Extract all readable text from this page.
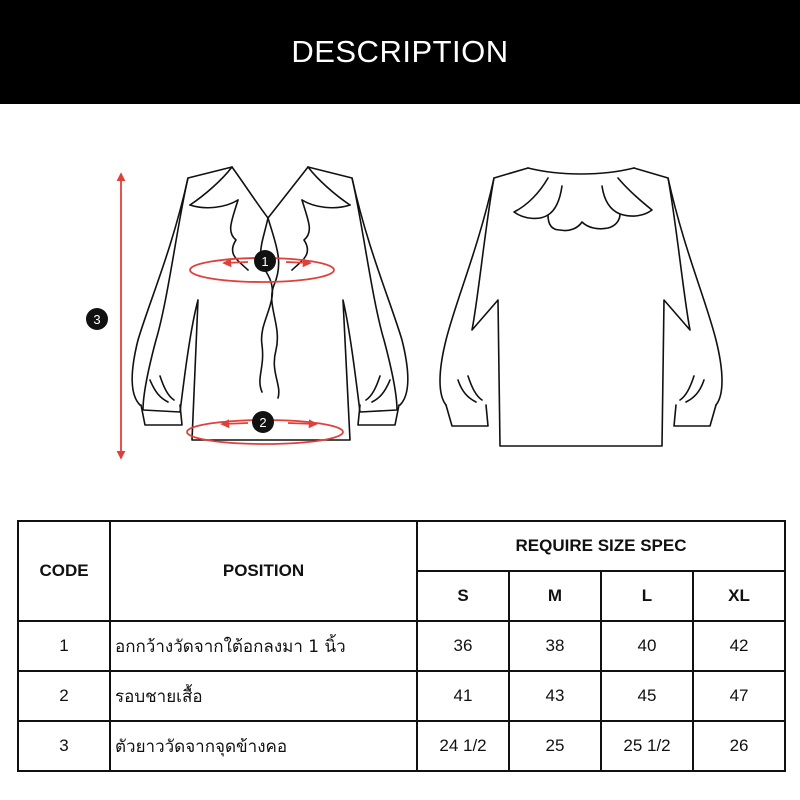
DESCRIPTION
1
2
3
CODE	POSITION	REQUIRE SIZE SPEC			
		S	M	L	XL
1	อกกว้างวัดจากใต้อกลงมา 1 นิ้ว	36	38	40	42
2	รอบชายเสื้อ	41	43	45	47
3	ตัวยาววัดจากจุดข้างคอ	24 1/2	25	25 1/2	26
